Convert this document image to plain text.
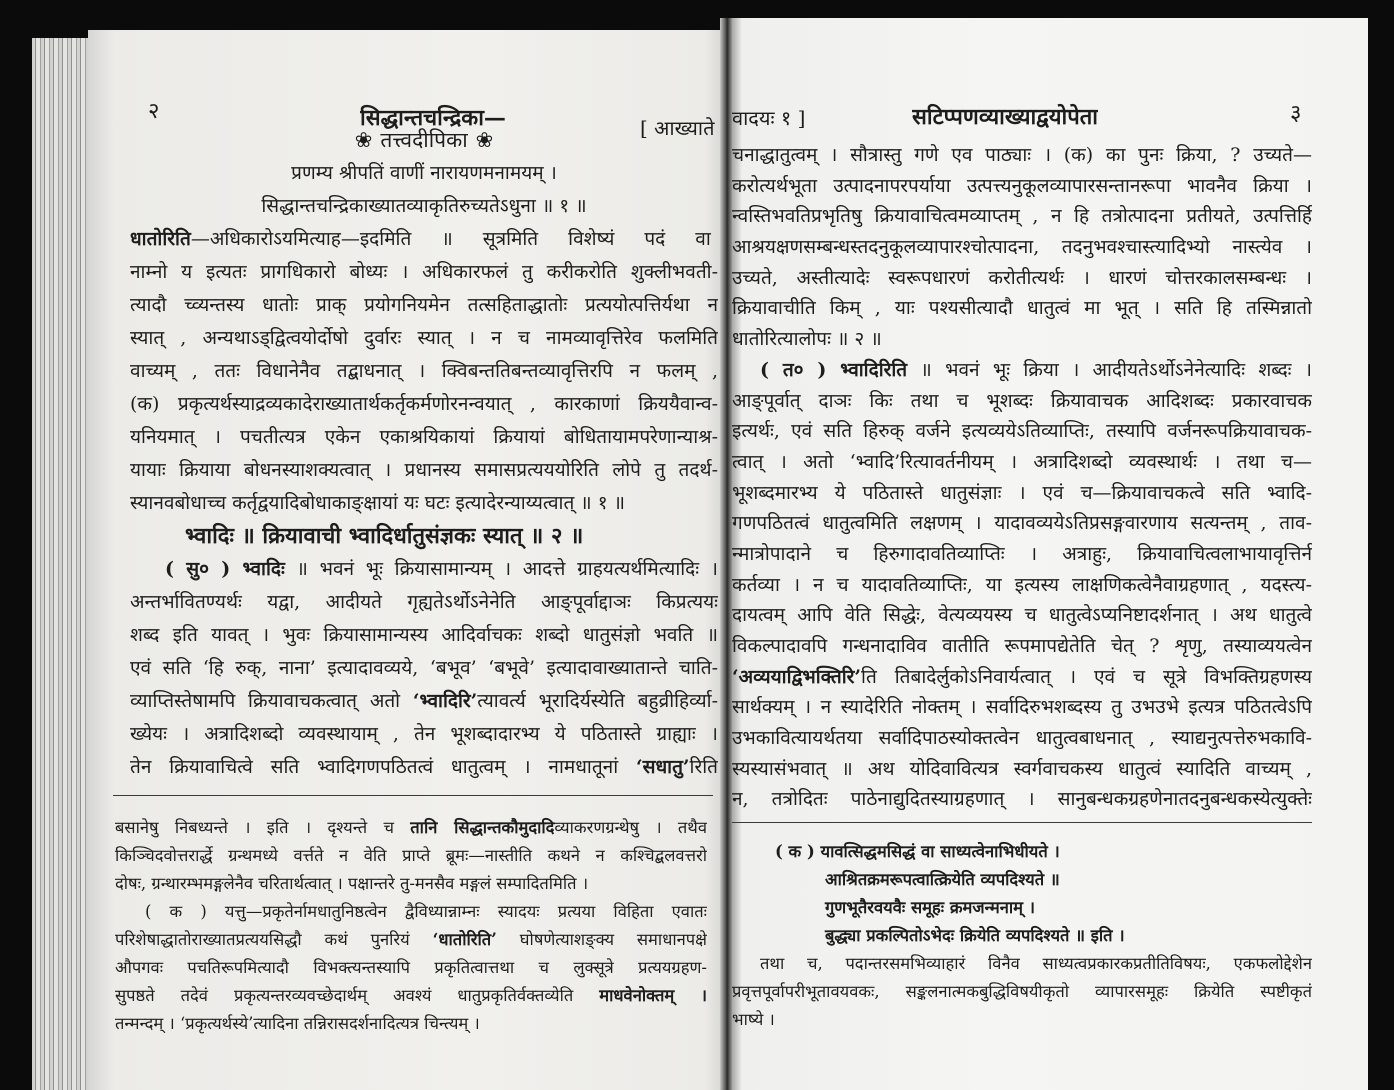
२	सिद्धान्तचन्द्रिका—	[ आख्याते
❀ तत्त्वदीपिका❀
प्रणम्य श्रीपतिं वाणीं नारायणमनामयम् ।
सिद्धान्तचन्द्रिकाख्यातव्याकृतिरुच्यतेऽधुना ॥ १ ॥
धातोरिति—अधिकारोऽयमित्याह—इदमिति ॥ सूत्रमिति विशेष्यं पदं वा
नाम्नो य इत्यतः प्रागधिकारो बोध्यः । अधिकारफलं तु करीकरोति शुक्लीभवती-
त्यादौ च्व्यन्तस्य धातोः प्राक् प्रयोगनियमेन तत्सहिताद्धातोः प्रत्ययोत्पत्तिर्यथा न
स्यात् , अन्यथाऽड्द्वित्वयोर्दोषो दुर्वारः स्यात् । न च नामव्यावृत्तिरेव फलमिति
वाच्यम् , ततः विधानेनैव तद्बाधनात् । क्विबन्ततिबन्तव्यावृत्तिरपि न फलम् ,
(क) प्रकृत्यर्थस्याद्रव्यकादेराख्यातार्थकर्तृकर्मणोरनन्वयात् , कारकाणां क्रिययैवान्व-
यनियमात् । पचतीत्यत्र एकेन एकाश्रयिकायां क्रियायां बोधितायामपरेणान्याश्र-
यायाः क्रियाया बोधनस्याशक्यत्वात् । प्रधानस्य समासप्रत्यययोरिति लोपे तु तदर्थ-
स्यानवबोधाच्च कर्तृद्वयादिबोधाकाङ्क्षायां यः घटः इत्यादेरन्याय्यत्वात् ॥ १ ॥
भ्वादिः ॥ क्रियावाची भ्वादिर्धातुसंज्ञकः स्यात् ॥ २ ॥
( सु० ) भ्वादिः ॥ भवनं भूः क्रियासामान्यम् । आदत्ते ग्राहयत्यर्थमित्यादिः ।
अन्तर्भावितण्यर्थः यद्वा, आदीयते गृह्यतेऽर्थोऽनेनेति आङ्पूर्वाद्दाञः किप्रत्ययः
शब्द इति यावत् । भुवः क्रियासामान्यस्य आदिर्वाचकः शब्दो धातुसंज्ञो भवति ॥
एवं सति ‘हि रुक्, नाना’ इत्यादावव्यये, ‘बभूव’ ‘बभूवे’ इत्यादावाख्यातान्ते चाति-
व्याप्तिस्तेषामपि क्रियावाचकत्वात् अतो ‘भ्वादिरि’त्यावर्त्य भूरादिर्यस्येति बहुव्रीहिर्व्या-
ख्येयः । अत्रादिशब्दो व्यवस्थायाम् , तेन भूशब्दादारभ्य ये पठितास्ते ग्राह्याः ।
तेन क्रियावाचित्वे सति भ्वादिगणपठितत्वं धातुत्वम् । नामधातूनां ‘सधातु’रिति
बसानेषु निबध्यन्ते । इति । दृश्यन्ते च तानि सिद्धान्तकौमुदादिव्याकरणग्रन्थेषु । तथैव
किञ्चिदवोत्तरार्द्धे ग्रन्थमध्ये वर्त्तते न वेति प्राप्ते ब्रूमः—नास्तीति कथने न कश्चिद्बलवत्तरो
दोषः, ग्रन्थारम्भमङ्गलेनैव चरितार्थत्वात् । पक्षान्तरे तु-मनसैव मङ्गलं सम्पादितमिति ।
( क ) यत्तु—प्रकृतेर्नामधातुनिष्ठत्वेन द्वैविध्यान्नाम्नः स्यादयः प्रत्यया विहिता एवातः
परिशेषाद्धातोराख्यातप्रत्ययसिद्धौ कथं पुनरियं ‘धातोरिति’ घोषणेत्याशङ्क्य समाधानपक्षे
औपगवः पचतिरूपमित्यादौ विभक्त्यन्तस्यापि प्रकृतित्वात्तथा च लुक्सूत्रे प्रत्ययग्रहण-
सुपष्ठते तदेवं प्रकृत्यन्तरव्यवच्छेदार्थम् अवश्यं धातुप्रकृतिर्वक्तव्येति माधवेनोक्तम् ।
तन्मन्दम् । ‘प्रकृत्यर्थस्ये’त्यादिना तन्निरासदर्शनादित्यत्र चिन्त्यम् ।
वादयः १ ]	सटिप्पणव्याख्याद्वयोपेता	३
चनाद्धातुत्वम् । सौत्रास्तु गणे एव पाठ्याः । (क) का पुनः क्रिया, ? उच्यते—
करोत्यर्थभूता उत्पादनापरपर्याया उत्पत्त्यनुकूलव्यापारसन्तानरूपा भावनैव क्रिया ।
न्वस्तिभवतिप्रभृतिषु क्रियावाचित्वमव्याप्तम् , न हि तत्रोत्पादना प्रतीयते, उत्पत्तिर्हि
आश्रयक्षणसम्बन्धस्तदनुकूलव्यापारश्चोत्पादना, तदनुभवश्चास्त्यादिभ्यो नास्त्येव ।
उच्यते, अस्तीत्यादेः स्वरूपधारणं करोतीत्यर्थः । धारणं चोत्तरकालसम्बन्धः ।
क्रियावाचीति किम् , याः पश्यसीत्यादौ धातुत्वं मा भूत् । सति हि तस्मिन्नातो
धातोरित्यालोपः ॥ २ ॥
( त० ) भ्वादिरिति ॥ भवनं भूः क्रिया । आदीयतेऽर्थोऽनेनेत्यादिः शब्दः ।
आङ्पूर्वात् दाञः किः तथा च भूशब्दः क्रियावाचक आदिशब्दः प्रकारवाचक
इत्यर्थः, एवं सति हिरुक् वर्जने इत्यव्ययेऽतिव्याप्तिः, तस्यापि वर्जनरूपक्रियावाचक-
त्वात् । अतो ‘भ्वादि’रित्यावर्तनीयम् । अत्रादिशब्दो व्यवस्थार्थः । तथा च—
भूशब्दमारभ्य ये पठितास्ते धातुसंज्ञाः । एवं च—क्रियावाचकत्वे सति भ्वादि-
गणपठितत्वं धातुत्वमिति लक्षणम् । यादावव्ययेऽतिप्रसङ्गवारणाय सत्यन्तम् , ताव-
न्मात्रोपादाने च हिरुगादावतिव्याप्तिः । अत्राहुः, क्रियावाचित्वलाभायावृत्तिर्न
कर्तव्या । न च यादावतिव्याप्तिः, या इत्यस्य लाक्षणिकत्वेनैवाग्रहणात् , यदस्त्य-
दायत्वम् आपि वेति सिद्धेः, वेत्यव्ययस्य च धातुत्वेऽप्यनिष्टादर्शनात् । अथ धातुत्वे
विकल्पादावपि गन्धनादाविव वातीति रूपमापद्येतेति चेत् ? शृणु, तस्याव्ययत्वेन
‘अव्ययाद्विभक्तिरि’ति तिबादेर्लुकोऽनिवार्यत्वात् । एवं च सूत्रे विभक्तिग्रहणस्य
सार्थक्यम् । न स्यादेरिति नोक्तम् । सर्वादिरुभशब्दस्य तु उभउभे इत्यत्र पठितत्वेऽपि
उभकावित्यायर्थतया सर्वादिपाठस्योक्तत्वेन धातुत्वबाधनात् , स्याद्यनुत्पत्तेरुभकावि-
स्यस्यासंभवात् ॥ अथ योदिवावित्यत्र स्वर्गवाचकस्य धातुत्वं स्यादिति वाच्यम् ,
न, तत्रोदितः पाठेनाद्युदितस्याग्रहणात् । सानुबन्धकग्रहणेनातदनुबन्धकस्येत्युक्तेः
( क ) यावत्सिद्धमसिद्धं वा साध्यत्वेनाभिधीयते ।
आश्रितक्रमरूपत्वात्क्रियेति व्यपदिश्यते ॥
गुणभूतैरवयवैः समूहः क्रमजन्मनाम् ।
बुद्ध्या प्रकल्पितोऽभेदः क्रियेति व्यपदिश्यते ॥ इति ।
तथा च, पदान्तरसमभिव्याहारं विनैव साध्यत्वप्रकारकप्रतीतिविषयः, एकफलोद्देशेन
प्रवृत्तपूर्वापरीभूतावयवकः, सङ्कलनात्मकबुद्धिविषयीकृतो व्यापारसमूहः क्रियेति स्पष्टीकृतं
भाष्ये ।
